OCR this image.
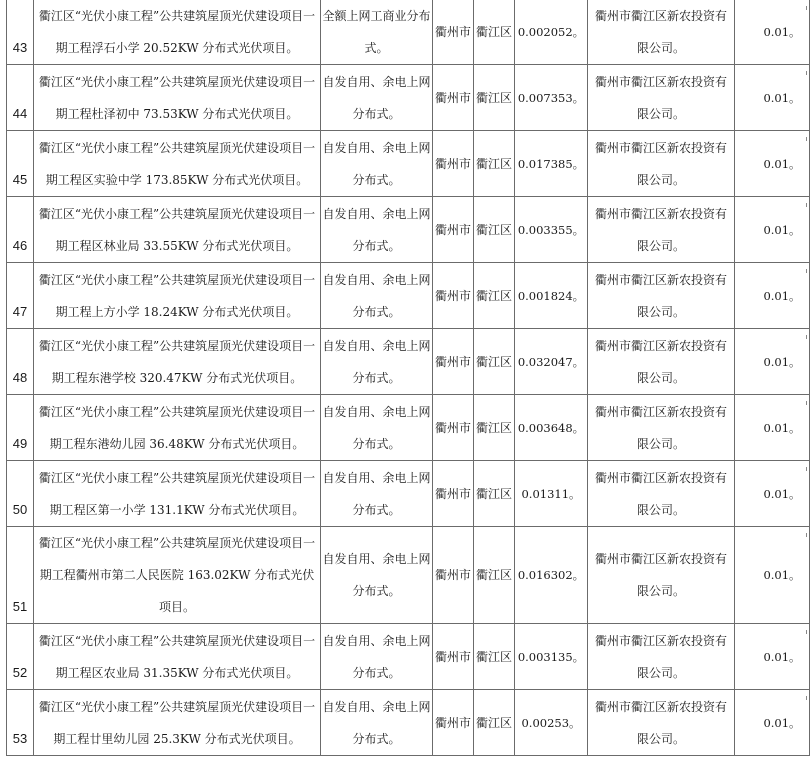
43	衢江区“光伏小康工程”公共建筑屋顶光伏建设项目一期工程浮石小学 20.52KW 分布式光伏项目。	全额上网工商业分布式。	衢州市	衢江区	0.002052。	衢州市衢江区新农投资有限公司。	0.01。

44	衢江区“光伏小康工程”公共建筑屋顶光伏建设项目一期工程杜泽初中 73.53KW 分布式光伏项目。	自发自用、余电上网分布式。	衢州市	衢江区	0.007353。	衢州市衢江区新农投资有限公司。	0.01。

45	衢江区“光伏小康工程”公共建筑屋顶光伏建设项目一期工程区实验中学 173.85KW 分布式光伏项目。	自发自用、余电上网分布式。	衢州市	衢江区	0.017385。	衢州市衢江区新农投资有限公司。	0.01。

46	衢江区“光伏小康工程”公共建筑屋顶光伏建设项目一期工程区林业局 33.55KW 分布式光伏项目。	自发自用、余电上网分布式。	衢州市	衢江区	0.003355。	衢州市衢江区新农投资有限公司。	0.01。

47	衢江区“光伏小康工程”公共建筑屋顶光伏建设项目一期工程上方小学 18.24KW 分布式光伏项目。	自发自用、余电上网分布式。	衢州市	衢江区	0.001824。	衢州市衢江区新农投资有限公司。	0.01。

48	衢江区“光伏小康工程”公共建筑屋顶光伏建设项目一期工程东港学校 320.47KW 分布式光伏项目。	自发自用、余电上网分布式。	衢州市	衢江区	0.032047。	衢州市衢江区新农投资有限公司。	0.01。

49	衢江区“光伏小康工程”公共建筑屋顶光伏建设项目一期工程东港幼儿园 36.48KW 分布式光伏项目。	自发自用、余电上网分布式。	衢州市	衢江区	0.003648。	衢州市衢江区新农投资有限公司。	0.01。

50	衢江区“光伏小康工程”公共建筑屋顶光伏建设项目一期工程区第一小学 131.1KW 分布式光伏项目。	自发自用、余电上网分布式。	衢州市	衢江区	0.01311。	衢州市衢江区新农投资有限公司。	0.01。

51	衢江区“光伏小康工程”公共建筑屋顶光伏建设项目一期工程衢州市第二人民医院 163.02KW 分布式光伏项目。	自发自用、余电上网分布式。	衢州市	衢江区	0.016302。	衢州市衢江区新农投资有限公司。	0.01。

52	衢江区“光伏小康工程”公共建筑屋顶光伏建设项目一期工程区农业局 31.35KW 分布式光伏项目。	自发自用、余电上网分布式。	衢州市	衢江区	0.003135。	衢州市衢江区新农投资有限公司。	0.01。

53	衢江区“光伏小康工程”公共建筑屋顶光伏建设项目一期工程廿里幼儿园 25.3KW 分布式光伏项目。	自发自用、余电上网分布式。	衢州市	衢江区	0.00253。	衢州市衢江区新农投资有限公司。	0.01。
